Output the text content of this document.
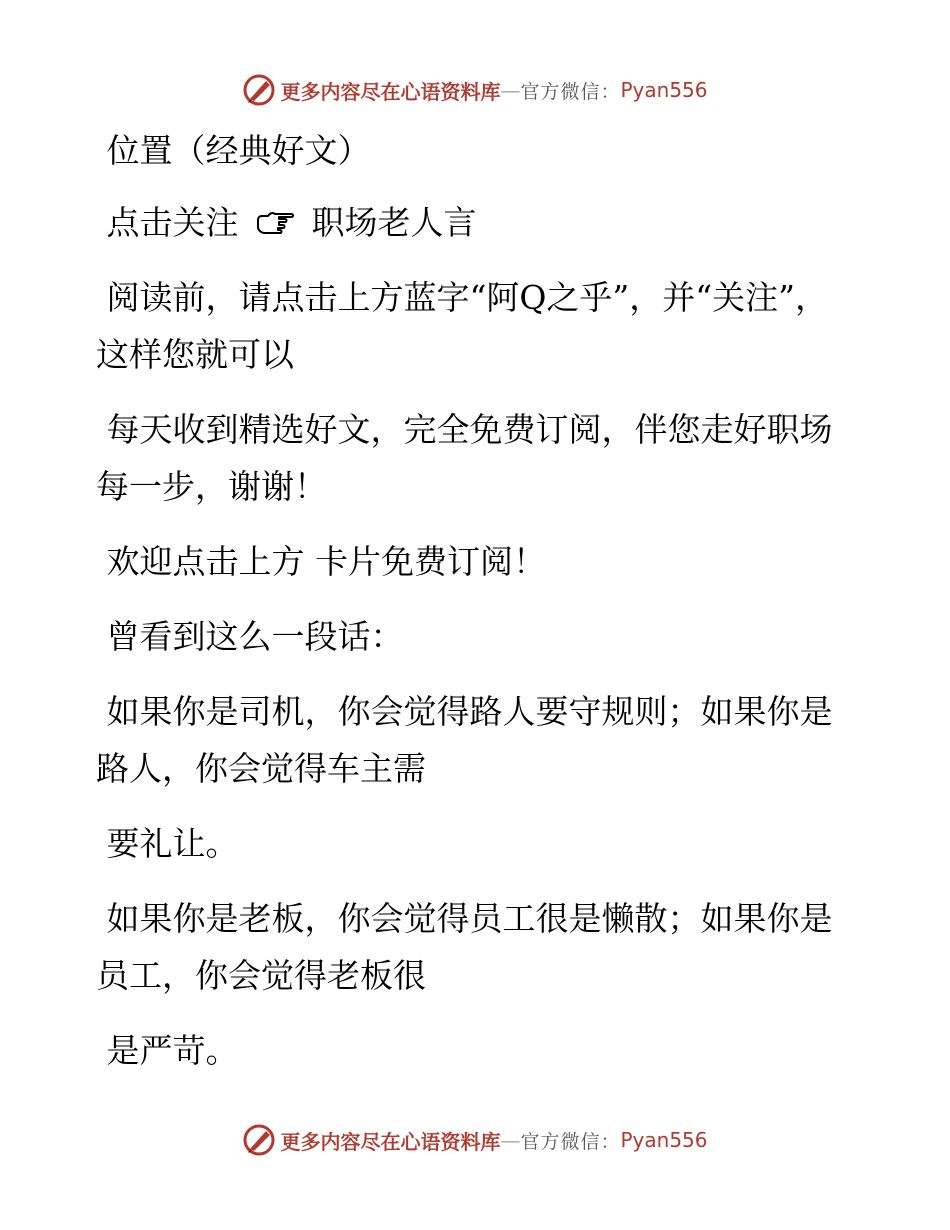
更多内容尽在心语资料库 — 官方微信： Pyan556

位置（经典好文）

点击关注  职场老人言

阅读前，请点击上方蓝字“阿Q之乎”，并“关注”，这样您就可以

每天收到精选好文，完全免费订阅，伴您走好职场每一步，谢谢！

欢迎点击上方 卡片免费订阅！

曾看到这么一段话：

如果你是司机，你会觉得路人要守规则；如果你是路人，你会觉得车主需

要礼让。

如果你是老板，你会觉得员工很是懒散；如果你是员工，你会觉得老板很

是严苛。

更多内容尽在心语资料库 — 官方微信： Pyan556
